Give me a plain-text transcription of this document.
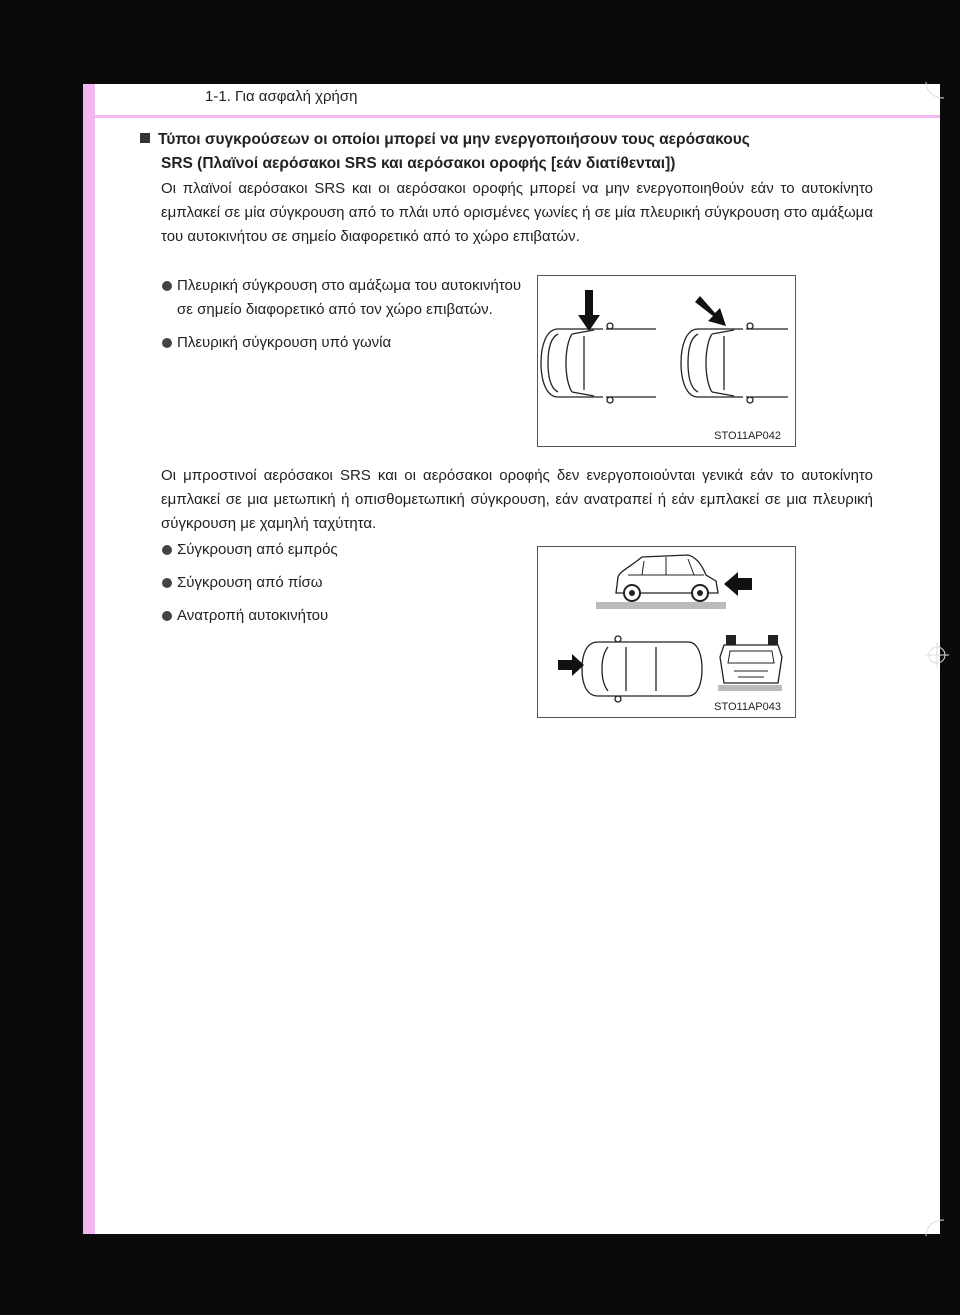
1-1. Για ασφαλή χρήση
Τύποι συγκρούσεων οι οποίοι μπορεί να μην ενεργοποιήσουν τους αερόσακους
SRS (Πλαϊνοί αερόσακοι SRS και αερόσακοι οροφής [εάν διατίθενται])
Οι πλαϊνοί αερόσακοι SRS και οι αερόσακοι οροφής μπορεί να μην ενεργοποιηθούν εάν το αυτοκίνητο εμπλακεί σε μία σύγκρουση από το πλάι υπό ορισμένες γωνίες ή σε μία πλευρική σύγκρουση στο αμάξωμα του αυτοκινήτου σε σημείο διαφορετικό από το χώρο επιβατών.
Πλευρική σύγκρουση στο αμάξωμα του αυτοκινήτου σε σημείο διαφορετικό από τον χώρο επιβατών.
Πλευρική σύγκρουση υπό γωνία
STO11AP042
Οι μπροστινοί αερόσακοι SRS και οι αερόσακοι οροφής δεν ενεργοποιούνται γενικά εάν το αυτοκίνητο εμπλακεί σε μια μετωπική ή οπισθομετωπική σύγκρουση, εάν ανατραπεί ή εάν εμπλακεί σε μια πλευρική σύγκρουση με χαμηλή ταχύτητα.
Σύγκρουση από εμπρός
Σύγκρουση από πίσω
Ανατροπή αυτοκινήτου
STO11AP043
